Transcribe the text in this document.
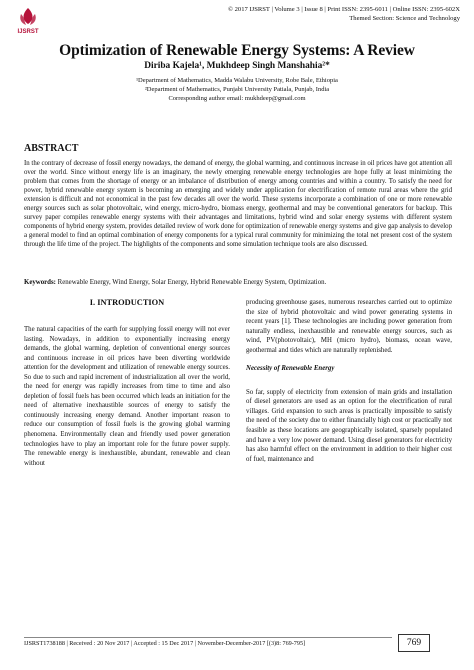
IJSRST
© 2017 IJSRST | Volume 3 | Issue 8 | Print ISSN: 2395-6011 | Online ISSN: 2395-602X
Themed Section: Science and Technology
Optimization of Renewable Energy Systems: A Review
Diriba Kajela¹, Mukhdeep Singh Manshahia²*
¹Department of Mathematics, Madda Walabu University, Robe Bale, Ethiopia
²Department of Mathematics, Punjabi University Patiala, Punjab, India
Corresponding author email: mukhdeep@gmail.com
ABSTRACT
In the contrary of decrease of fossil energy nowadays, the demand of energy, the global warming, and continuous increase in oil prices have got attention all over the world. Since without energy life is an imaginary, the newly emerging renewable energy technologies are hope fully at least minimizing the problem that comes from the shortage of energy or an imbalance of distribution of energy among countries and within a country. To satisfy the need for power, hybrid renewable energy system is becoming an emerging and widely under application for electrification of remote rural areas where the grid extension is difficult and not economical in the past few decades all over the world. These systems incorporate a combination of one or more renewable energy sources such as solar photovoltaic, wind energy, micro-hydro, biomass energy, geothermal and may be conventional generators for backup. This survey paper compiles renewable energy systems with their advantages and limitations, hybrid wind and solar energy systems with different system components of hybrid energy system, provides detailed review of work done for optimization of renewable energy systems and give gap analysis to develop a general model to find an optimal combination of energy components for a typical rural community for minimizing the total net present cost of the system through the life time of the project. The highlights of the components and some simulation technique tools are also discussed.
Keywords: Renewable Energy, Wind Energy, Solar Energy, Hybrid Renewable Energy System, Optimization.
I. INTRODUCTION

The natural capacities of the earth for supplying fossil energy will not ever lasting. Nowadays, in addition to exponentially increasing energy demands, the global warming, depletion of conventional energy sources and continuous increase in oil prices have been diverting worldwide attention for the development and utilization of renewable energy sources. So due to such and rapid increment of industrialization all over the world, the need for energy was rapidly increases from time to time and also depletion of fossil fuels has been occurred which leads an initiation for the need of alternative inexhaustible sources of energy to satisfy the continuously increasing energy demand. Another important reason to reduce our consumption of fossil fuels is the growing global warming phenomena. Environmentally clean and friendly used power generation technologies have to play an important role for the future power supply. The renewable energy is inexhaustible, abundant, renewable and clean without

producing greenhouse gases, numerous researches carried out to optimize the size of hybrid photovoltaic and wind power generating systems in recent years [1]. These technologies are including power generation from naturally endless, inexhaustible and renewable energy sources, such as wind, PV(photovoltaic), MH (micro hydro), biomass, ocean wave, geothermal and tides which are naturally replenished.

Necessity of Renewable Energy

So far, supply of electricity from extension of main grids and installation of diesel generators are used as an option for the electrification of rural villages. Grid expansion to such areas is practically impossible to satisfy the need of the society due to either financially high cost or practically not feasible as these locations are geographically isolated, sparsely populated and have a very low power demand. Using diesel generators for electricity has also harmful effect on the environment in addition to their higher cost of fuel, maintenance and

IJSRST1738188 | Received : 20 Nov 2017 | Accepted : 15 Dec 2017 | November-December-2017 [(3)8: 769-795]	769
